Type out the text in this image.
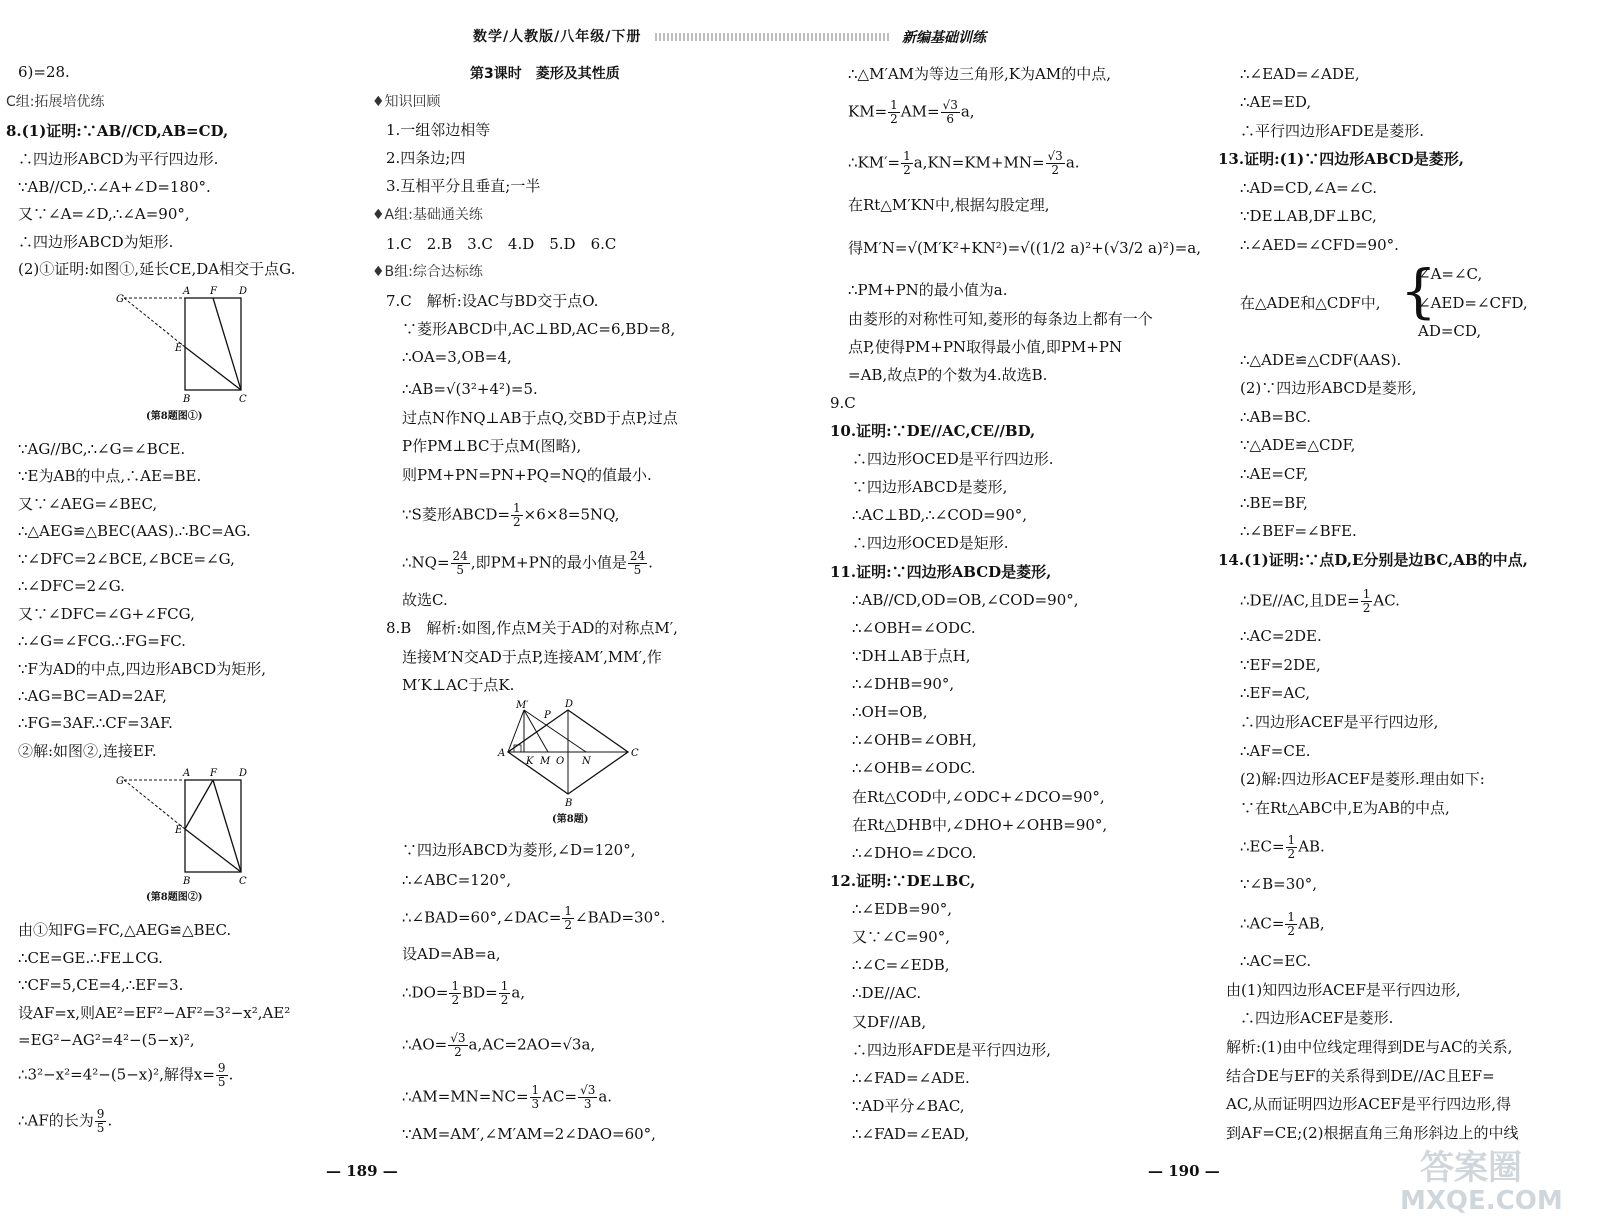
数学/人教版/八年级/下册	新编基础训练
6)=28.
C组:拓展培优练
8.(1)证明:∵AB//CD,AB=CD,
∴四边形ABCD为平行四边形.
∵AB//CD,∴∠A+∠D=180°.
又∵∠A=∠D,∴∠A=90°,
∴四边形ABCD为矩形.
(2)①证明:如图①,延长CE,DA相交于点G.
G
A F D
E
B	C
(第8题图①)
∵AG//BC,∴∠G=∠BCE.
∵E为AB的中点,∴AE=BE.
又∵∠AEG=∠BEC,
∴△AEG≌△BEC(AAS).∴BC=AG.
∵∠DFC=2∠BCE,∠BCE=∠G,
∴∠DFC=2∠G.
又∵∠DFC=∠G+∠FCG,
∴∠G=∠FCG.∴FG=FC.
∵F为AD的中点,四边形ABCD为矩形,
∴AG=BC=AD=2AF,
∴FG=3AF.∴CF=3AF.
②解:如图②,连接EF.
G
A F D
E
B	C
(第8题图②)
由①知FG=FC,△AEG≌△BEC.
∴CE=GE.∴FE⊥CG.
∵CF=5,CE=4,∴EF=3.
设AF=x,则AE²=EF²−AF²=3²−x²,AE²
=EG²−AG²=4²−(5−x)²,
∴3²−x²=4²−(5−x)²,解得$x= \frac{9}{5}$ .
∴AF的长为 $\frac{9}{5}$ .
第3课时　菱形及其性质
♦知识回顾
1.一组邻边相等
2.四条边;四
3.互相平分且垂直;一半
♦A组:基础通关练
1.C　2.B　3.C　4.D　5.D　6.C
♦B组:综合达标练
7.C　解析:设AC与BD交于点O.
∵菱形ABCD中,AC⊥BD,AC=6,BD=8,
∴OA=3,OB=4,
∴AB=√(3²+4²)=5.
过点N作NQ⊥AB于点Q,交BD于点P,过点
P作PM⊥BC于点M(图略),
则PM+PN=PN+PQ=NQ的值最小.
∵S菱形ABCD= $\frac{1}{2} \times 6\times 8=5NQ$,
∴NQ= $\frac{24}{5}$ ,即PM+PN的最小值是 $\frac{24}{5}$ .
故选C.
8.B　解析:如图,作点M关于AD的对称点M′,
连接M′N交AD于点P,连接AM′,MM′,作
M′K⊥AC于点K.
M′
P
D
A	C
K M O N
B
(第8题)
∵四边形ABCD为菱形,∠D=120°,
∴∠ABC=120°,
∴∠BAD=60°,∠DAC= $\frac{1}{2}$ ∠BAD=30°.
设AD=AB=a,
∴DO= $\frac{1}{2} BD= \frac{1}{2} a$,
∴AO= $\frac{√3}{2} a,AC=2AO=√3a$,
∴AM=MN=NC= $\frac{1}{3} AC= \frac{√3}{3} a$.
∵AM=AM′,∠M′AM=2∠DAO=60°,
∴△M′AM为等边三角形,K为AM的中点,
$KM= \frac{1}{2} AM= \frac{√3}{6} a$,
∴KM′= $\frac{1}{2} a,KN=KM+MN= \frac{√3}{2} a$.
在Rt△M′KN中,根据勾股定理,
得M′N=√(M′K²+KN²)=√((1/2 a)²+(√3/2 a)²)=a,
∴PM+PN的最小值为a.
由菱形的对称性可知,菱形的每条边上都有一个
点P,使得PM+PN取得最小值,即PM+PN
=AB,故点P的个数为4.故选B.
9.C
10.证明:∵DE//AC,CE//BD,
∴四边形OCED是平行四边形.
∵四边形ABCD是菱形,
∴AC⊥BD,∴∠COD=90°,
∴四边形OCED是矩形.
11.证明:∵四边形ABCD是菱形,
∴AB//CD,OD=OB,∠COD=90°,
∴∠OBH=∠ODC.
∵DH⊥AB于点H,
∴∠DHB=90°,
∴OH=OB,
∴∠OHB=∠OBH,
∴∠OHB=∠ODC.
在Rt△COD中,∠ODC+∠DCO=90°,
在Rt△DHB中,∠DHO+∠OHB=90°,
∴∠DHO=∠DCO.
12.证明:∵DE⊥BC,
∴∠EDB=90°,
又∵∠C=90°,
∴∠C=∠EDB,
∴DE//AC.
又DF//AB,
∴四边形AFDE是平行四边形,
∴∠FAD=∠ADE.
∵AD平分∠BAC,
∴∠FAD=∠EAD,
∴∠EAD=∠ADE,
∴AE=ED,
∴平行四边形AFDE是菱形.
13.证明:(1)∵四边形ABCD是菱形,
∴AD=CD,∠A=∠C.
∵DE⊥AB,DF⊥BC,
∴∠AED=∠CFD=90°.
在△ADE和△CDF中, {
∠A=∠C,
∠AED=∠CFD,
AD=CD,
∴△ADE≌△CDF(AAS).
(2)∵四边形ABCD是菱形,
∴AB=BC.
∵△ADE≌△CDF,
∴AE=CF,
∴BE=BF,
∴∠BEF=∠BFE.
14.(1)证明:∵点D,E分别是边BC,AB的中点,
∴DE//AC,且$DE= \frac{1}{2}$ AC.
∴AC=2DE.
∵EF=2DE,
∴EF=AC,
∴四边形ACEF是平行四边形,
∴AF=CE.
(2)解:四边形ACEF是菱形.理由如下:
∵在Rt△ABC中,E为AB的中点,
∴EC= $\frac{1}{2}$ AB.
∵∠B=30°,
∴AC= $\frac{1}{2}$ AB,
∴AC=EC.
由(1)知四边形ACEF是平行四边形,
∴四边形ACEF是菱形.
解析:(1)由中位线定理得到DE与AC的关系,
结合DE与EF的关系得到DE//AC且EF=
AC,从而证明四边形ACEF是平行四边形,得
到AF=CE;(2)根据直角三角形斜边上的中线
— 189 —	— 190 —	答案圈
MXQE.COM
